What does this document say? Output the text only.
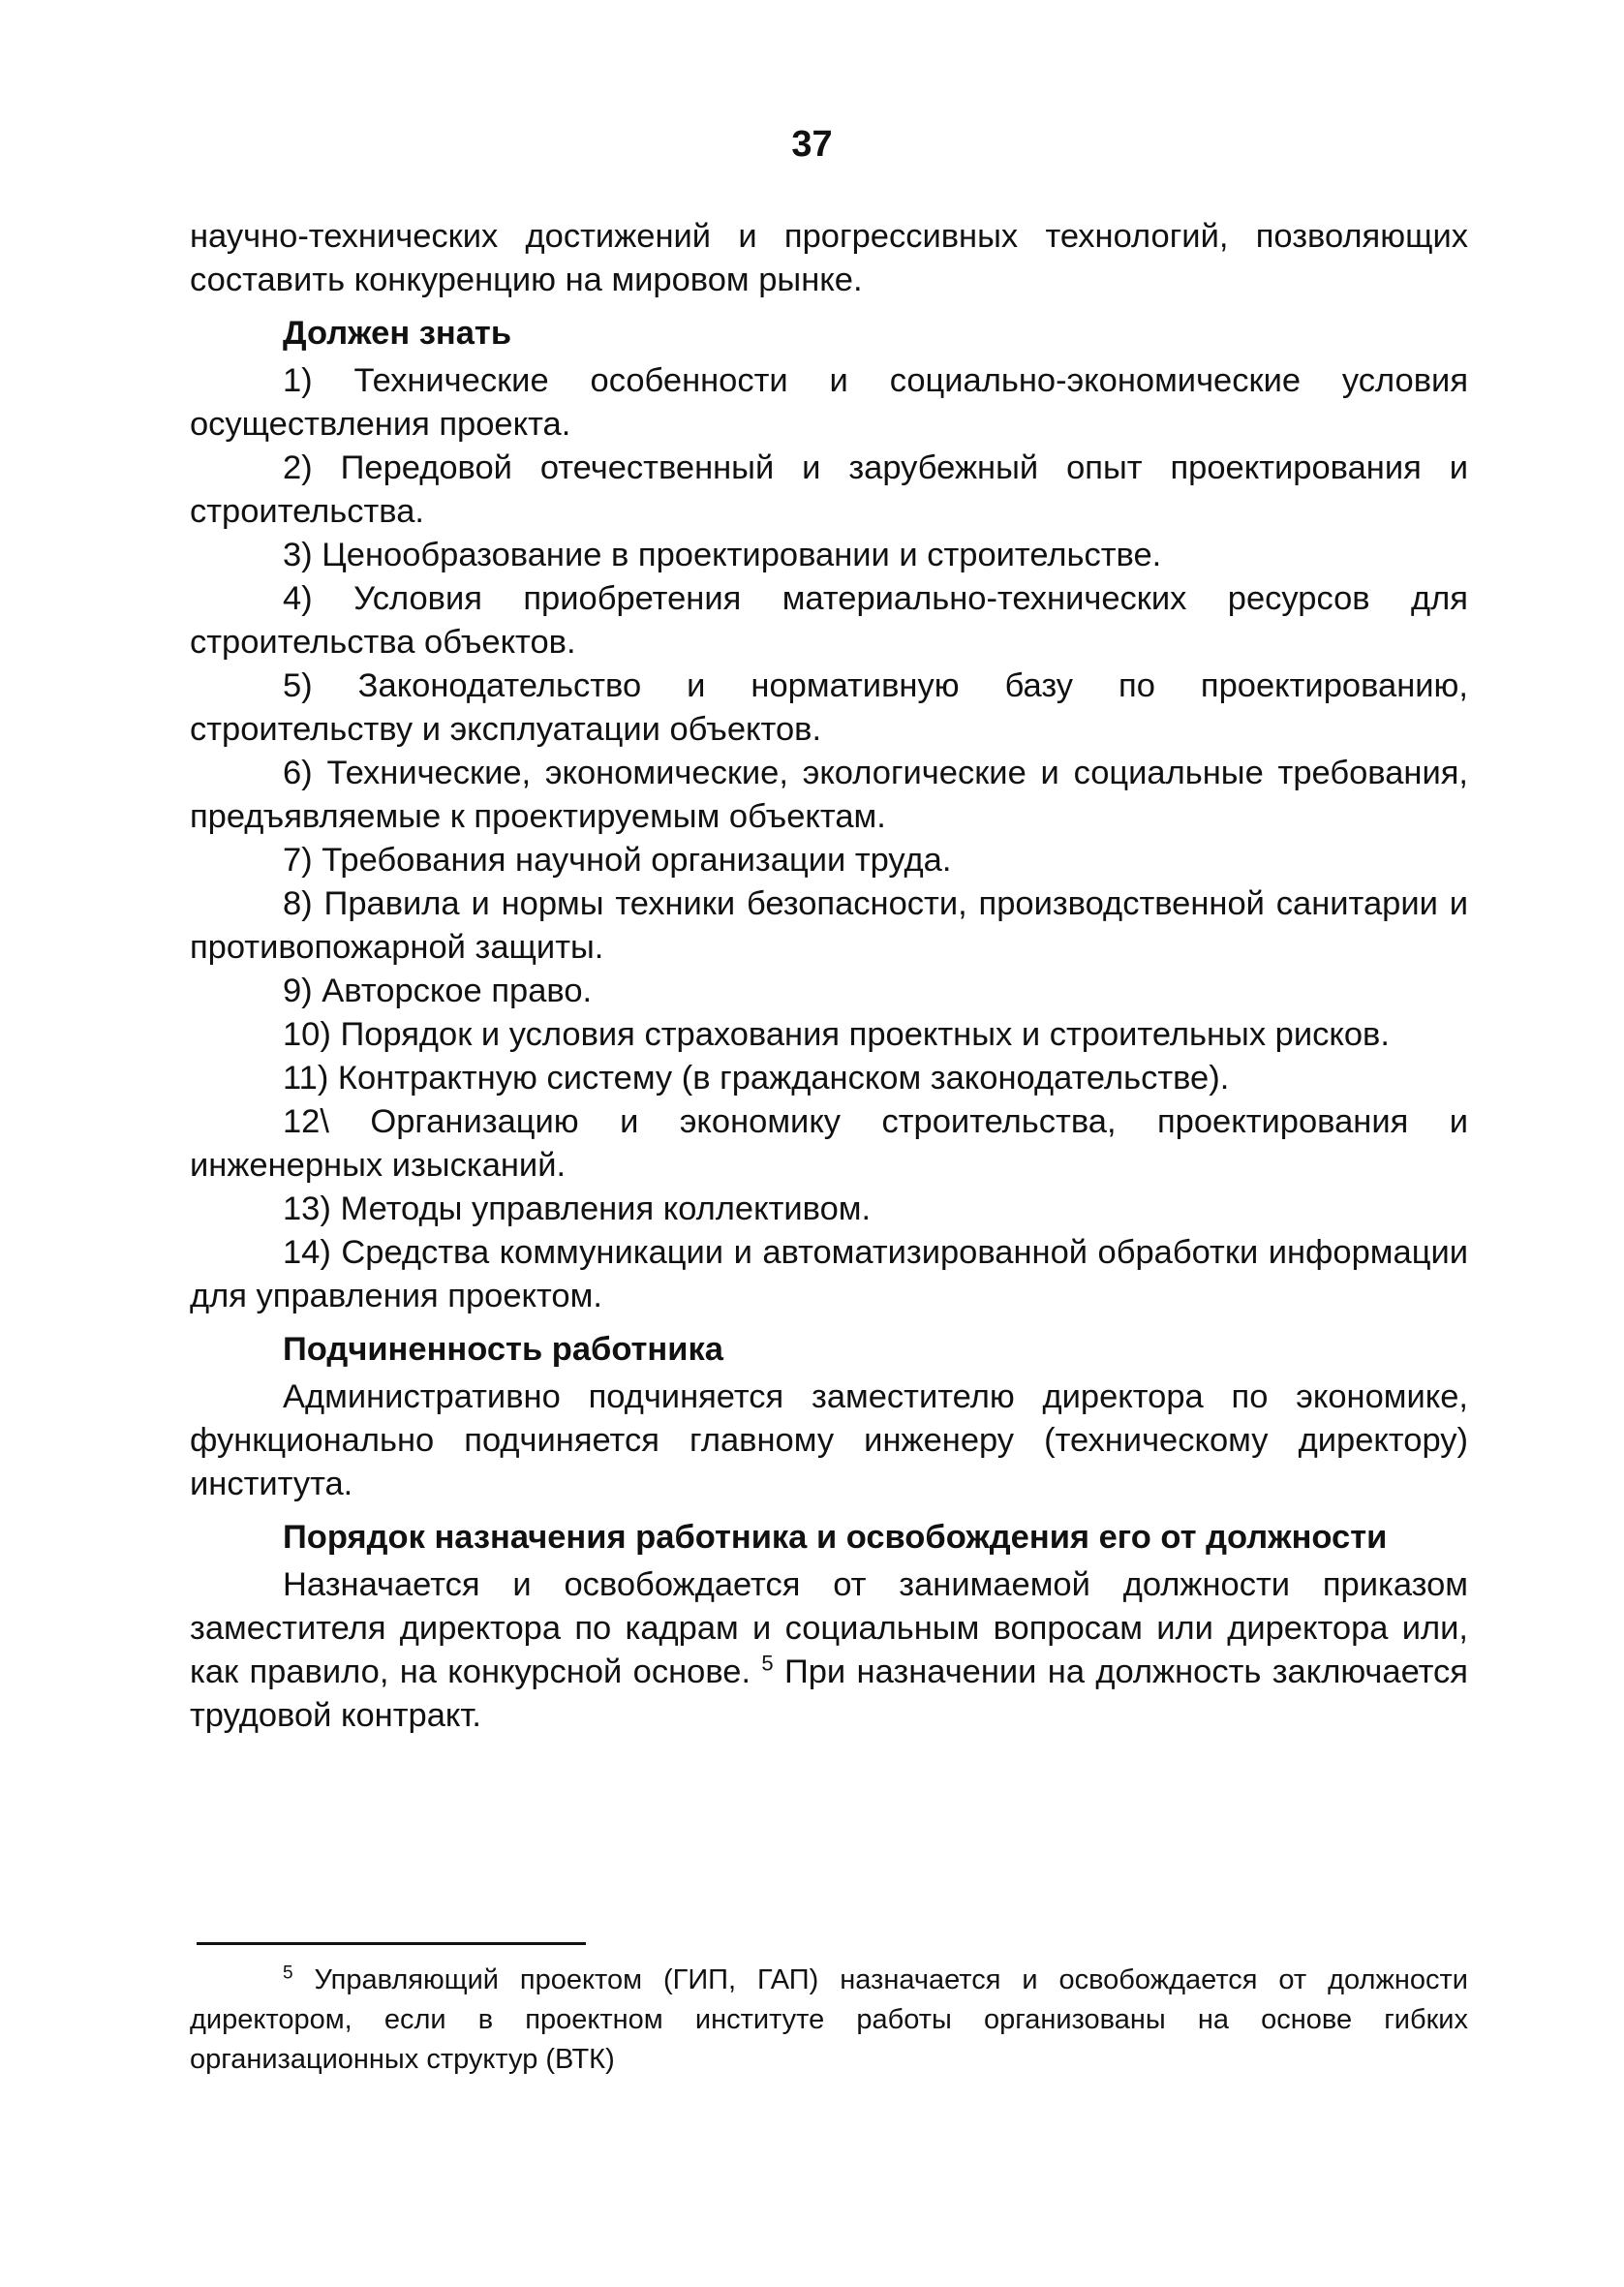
37

научно-технических достижений и прогрессивных технологий, позволяющих составить конкуренцию на мировом рынке.

Должен знать

1) Технические особенности и социально-экономические условия осуществления проекта.

2) Передовой отечественный и зарубежный опыт проектирования и строительства.

3) Ценообразование в проектировании и строительстве.

4) Условия приобретения материально-технических ресурсов для строительства объектов.

5) Законодательство и нормативную базу по проектированию, строительству и эксплуатации объектов.

6) Технические, экономические, экологические и социальные требования, предъявляемые к проектируемым объектам.

7) Требования научной организации труда.

8) Правила и нормы техники безопасности, производственной санитарии и противопожарной защиты.

9) Авторское право.

10) Порядок и условия страхования проектных и строительных рисков.

11) Контрактную систему (в гражданском законодательстве).

12\ Организацию и экономику строительства, проектирования и инженерных изысканий.

13) Методы управления коллективом.

14) Средства коммуникации и автоматизированной обработки информации для управления проектом.

Подчиненность работника

Административно подчиняется заместителю директора по экономике, функционально подчиняется главному инженеру (техническому директору) института.

Порядок назначения работника и освобождения его от должности

Назначается и освобождается от занимаемой должности приказом заместителя директора по кадрам и социальным вопросам или директора или, как правило, на конкурсной основе. $^5$ При назначении на должность заключается трудовой контракт.

$^5$ Управляющий проектом (ГИП, ГАП) назначается и освобождается от должности директором, если в проектном институте работы организованы на основе гибких организационных структур (ВТК)
